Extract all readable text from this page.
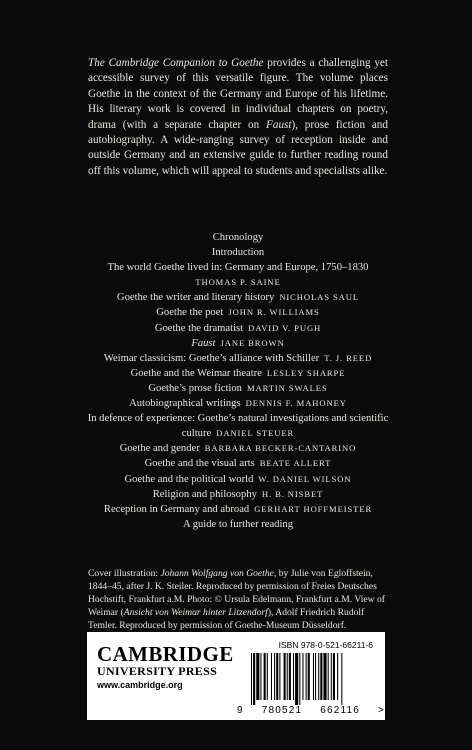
The Cambridge Companion to Goethe provides a challenging yet accessible survey of this versatile figure. The volume places Goethe in the context of the Germany and Europe of his lifetime. His literary work is covered in individual chapters on poetry, drama (with a separate chapter on Faust), prose fiction and autobiography. A wide-ranging survey of reception inside and outside Germany and an extensive guide to further reading round off this volume, which will appeal to students and specialists alike.
Chronology
Introduction
The world Goethe lived in: Germany and Europe, 1750–1830
THOMAS P. SAINE
Goethe the writer and literary history NICHOLAS SAUL
Goethe the poet JOHN R. WILLIAMS
Goethe the dramatist DAVID V. PUGH
Faust JANE BROWN
Weimar classicism: Goethe’s alliance with Schiller T. J. REED
Goethe and the Weimar theatre LESLEY SHARPE
Goethe’s prose fiction MARTIN SWALES
Autobiographical writings DENNIS F. MAHONEY
In defence of experience: Goethe’s natural investigations and scientific culture DANIEL STEUER
Goethe and gender BARBARA BECKER-CANTARINO
Goethe and the visual arts BEATE ALLERT
Goethe and the political world W. DANIEL WILSON
Religion and philosophy H. B. NISBET
Reception in Germany and abroad GERHART HOFFMEISTER
A guide to further reading
Cover illustration: Johann Wolfgang von Goethe, by Julie von Egloffstein, 1844–45, after J. K. Steiler. Reproduced by permission of Freies Deutsches Hochstift, Frankfurt a.M. Photo: © Ursula Edelmann, Frankfurt a.M. View of Weimar (Ansicht von Weimar hinter Litzendorf), Adolf Friedrich Rudolf Temler. Reproduced by permission of Goethe-Museum Düsseldorf.
CAMBRIDGE
UNIVERSITY PRESS
www.cambridge.org
ISBN 978-0-521-66211-6
9 780521 662116 >
